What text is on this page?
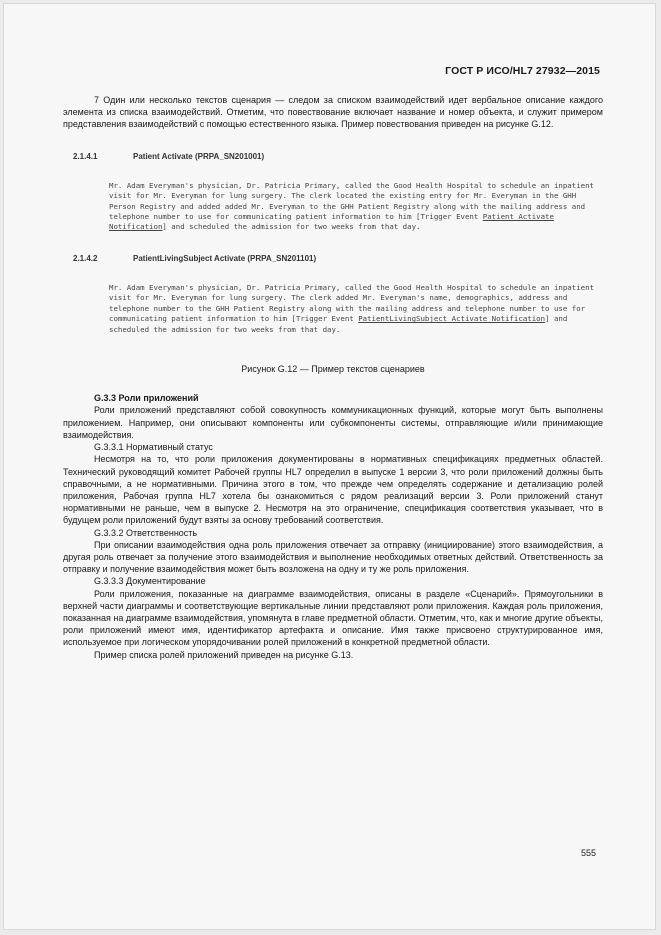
ГОСТ Р ИСО/HL7 27932—2015

7 Один или несколько текстов сценария — следом за списком взаимодействий идет вербальное описание каждого элемента из списка взаимодействий. Отметим, что повествование включает название и номер объекта, и служит примером представления взаимодействий с помощью естественного языка. Пример повествования приведен на рисунке G.12.

2.1.4.1	Patient Activate (PRPA_SN201001)

Mr. Adam Everyman's physician, Dr. Patricia Primary, called the Good Health Hospital to schedule an inpatient visit for Mr. Everyman for lung surgery. The clerk located the existing entry for Mr. Everyman in the GHH Person Registry and added added Mr. Everyman to the GHH Patient Registry along with the mailing address and telephone number to use for communicating patient information to him [Trigger Event Patient Activate Notification] and scheduled the admission for two weeks from that day.

2.1.4.2	PatientLivingSubject Activate (PRPA_SN201101)

Mr. Adam Everyman's physician, Dr. Patricia Primary, called the Good Health Hospital to schedule an inpatient visit for Mr. Everyman for lung surgery. The clerk added Mr. Everyman's name, demographics, address and telephone number to the GHH Patient Registry along with the mailing address and telephone number to use for communicating patient information to him [Trigger Event PatientLivingSubject Activate Notification] and scheduled the admission for two weeks from that day.

Рисунок G.12 — Пример текстов сценариев

G.3.3 Роли приложений

Роли приложений представляют собой совокупность коммуникационных функций, которые могут быть выполнены приложением. Например, они описывают компоненты или субкомпоненты системы, отправляющие и/или принимающие взаимодействия.

G.3.3.1 Нормативный статус

Несмотря на то, что роли приложения документированы в нормативных спецификациях предметных областей. Технический руководящий комитет Рабочей группы HL7 определил в выпуске 1 версии 3, что роли приложений должны быть справочными, а не нормативными. Причина этого в том, что прежде чем определять содержание и детализацию ролей приложения, Рабочая группа HL7 хотела бы ознакомиться с рядом реализаций версии 3. Роли приложений станут нормативными не раньше, чем в выпуске 2. Несмотря на это ограничение, спецификация соответствия указывает, что в будущем роли приложений будут взяты за основу требований соответствия.

G.3.3.2 Ответственность

При описании взаимодействия одна роль приложения отвечает за отправку (инициирование) этого взаимодействия, а другая роль отвечает за получение этого взаимодействия и выполнение необходимых ответных действий. Ответственность за отправку и получение взаимодействия может быть возложена на одну и ту же роль приложения.

G.3.3.3 Документирование

Роли приложения, показанные на диаграмме взаимодействия, описаны в разделе «Сценарий». Прямоугольники в верхней части диаграммы и соответствующие вертикальные линии представляют роли приложения. Каждая роль приложения, показанная на диаграмме взаимодействия, упомянута в главе предметной области. Отметим, что, как и многие другие объекты, роли приложений имеют имя, идентификатор артефакта и описание. Имя также присвоено структурированное имя, используемое при логическом упорядочивании ролей приложений в конкретной предметной области.

Пример списка ролей приложений приведен на рисунке G.13.

555
